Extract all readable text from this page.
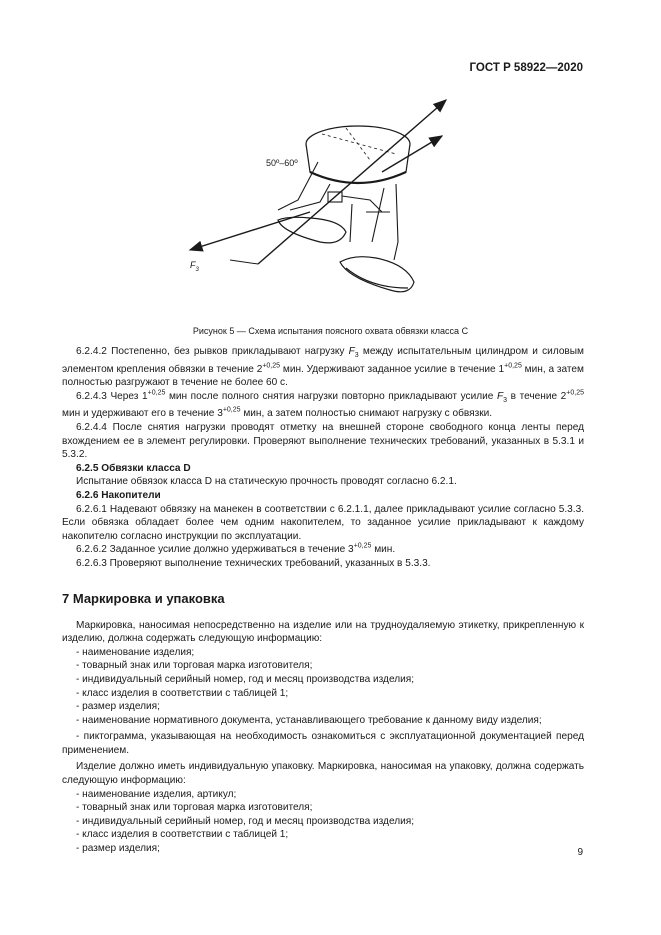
ГОСТ Р 58922—2020
50º–60º
$F_3$
Рисунок 5 — Схема испытания поясного охвата обвязки класса С

6.2.4.2 Постепенно, без рывков прикладывают нагрузку $F_3$ между испытательным цилиндром и силовым элементом крепления обвязки в течение $2^{+0,25}$ мин. Удерживают заданное усилие в течение $1^{+0,25}$ мин, а затем полностью разгружают в течение не более 60 с.

6.2.4.3 Через $1^{+0,25}$ мин после полного снятия нагрузки повторно прикладывают усилие $F_3$ в течение $2^{+0,25}$ мин и удерживают его в течение $3^{+0,25}$ мин, а затем полностью снимают нагрузку с обвязки.

6.2.4.4 После снятия нагрузки проводят отметку на внешней стороне свободного конца ленты перед вхождением ее в элемент регулировки. Проверяют выполнение технических требований, указанных в 5.3.1 и 5.3.2.

6.2.5 Обвязки класса D

Испытание обвязок класса D на статическую прочность проводят согласно 6.2.1.

6.2.6 Накопители

6.2.6.1 Надевают обвязку на манекен в соответствии с 6.2.1.1, далее прикладывают усилие согласно 5.3.3. Если обвязка обладает более чем одним накопителем, то заданное усилие прикладывают к каждому накопителю согласно инструкции по эксплуатации.

6.2.6.2 Заданное усилие должно удерживаться в течение $3^{+0,25}$ мин.

6.2.6.3 Проверяют выполнение технических требований, указанных в 5.3.3.

7 Маркировка и упаковка

Маркировка, наносимая непосредственно на изделие или на трудноудаляемую этикетку, прикрепленную к изделию, должна содержать следующую информацию:

- наименование изделия;

- товарный знак или торговая марка изготовителя;

- индивидуальный серийный номер, год и месяц производства изделия;

- класс изделия в соответствии с таблицей 1;

- размер изделия;

- наименование нормативного документа, устанавливающего требование к данному виду изделия;

- пиктограмма, указывающая на необходимость ознакомиться с эксплуатационной документацией перед применением.

Изделие должно иметь индивидуальную упаковку. Маркировка, наносимая на упаковку, должна содержать следующую информацию:

- наименование изделия, артикул;

- товарный знак или торговая марка изготовителя;

- индивидуальный серийный номер, год и месяц производства изделия;

- класс изделия в соответствии с таблицей 1;

- размер изделия;	9
